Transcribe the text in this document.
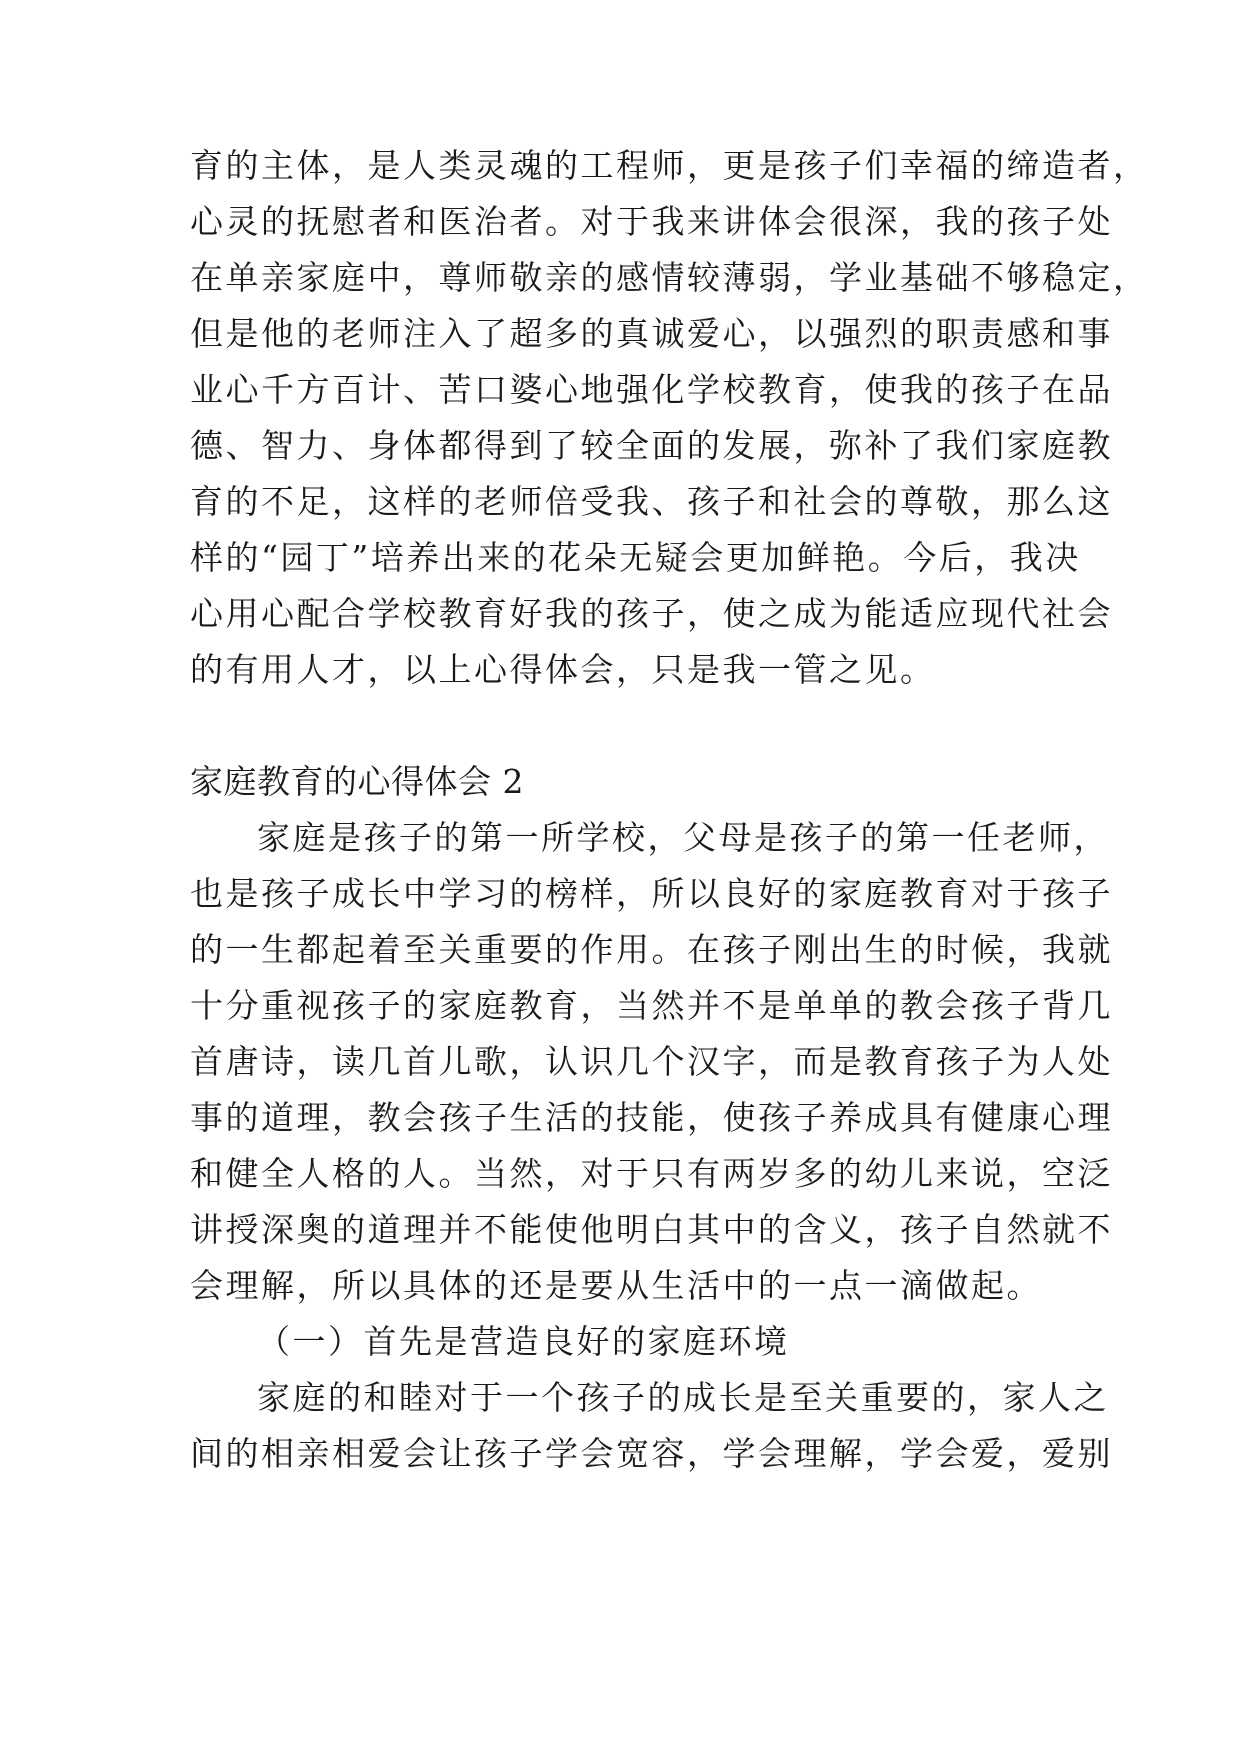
育的主体，是人类灵魂的工程师，更是孩子们幸福的缔造者，
心灵的抚慰者和医治者。对于我来讲体会很深，我的孩子处
在单亲家庭中，尊师敬亲的感情较薄弱，学业基础不够稳定，
但是他的老师注入了超多的真诚爱心，以强烈的职责感和事
业心千方百计、苦口婆心地强化学校教育，使我的孩子在品
德、智力、身体都得到了较全面的发展，弥补了我们家庭教
育的不足，这样的老师倍受我、孩子和社会的尊敬，那么这
样的“园丁”培养出来的花朵无疑会更加鲜艳。今后，我决
心用心配合学校教育好我的孩子，使之成为能适应现代社会
的有用人才，以上心得体会，只是我一管之见。
家庭教育的心得体会 2
家庭是孩子的第一所学校，父母是孩子的第一任老师，
也是孩子成长中学习的榜样，所以良好的家庭教育对于孩子
的一生都起着至关重要的作用。在孩子刚出生的时候，我就
十分重视孩子的家庭教育，当然并不是单单的教会孩子背几
首唐诗，读几首儿歌，认识几个汉字，而是教育孩子为人处
事的道理，教会孩子生活的技能，使孩子养成具有健康心理
和健全人格的人。当然，对于只有两岁多的幼儿来说，空泛
讲授深奥的道理并不能使他明白其中的含义，孩子自然就不
会理解，所以具体的还是要从生活中的一点一滴做起。
（一）首先是营造良好的家庭环境
家庭的和睦对于一个孩子的成长是至关重要的，家人之
间的相亲相爱会让孩子学会宽容，学会理解，学会爱，爱别
